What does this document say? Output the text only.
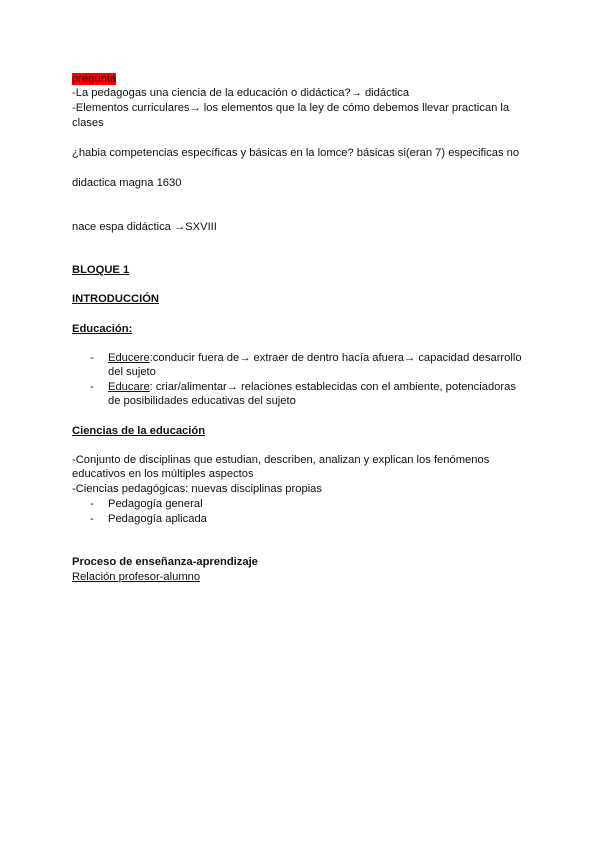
pregunta
-La pedagogas una ciencia de la educación o didáctica?→ didáctica
-Elementos curriculares→ los elementos que la ley de cómo debemos llevar practican la
clases
¿habia competencias específicas y básicas en la lomce? básicas si(eran 7) especificas no
didactica magna 1630
nace espa didáctica →SXVIII
BLOQUE 1
INTRODUCCIÓN
Educación:
- Educere:conducir fuera de→ extraer de dentro hacía afuera→ capacidad desarrollo
del sujeto
- Educare: criar/alimentar→ relaciones establecidas con el ambiente, potenciadoras
de posibilidades educativas del sujeto
Ciencias de la educación
-Conjunto de disciplinas que estudian, describen, analizan y explican los fenómenos
educativos en los múltiples aspectos
-Ciencias pedagógicas: nuevas disciplinas propias
- Pedagogía general
- Pedagogía aplicada
Proceso de enseñanza-aprendizaje
Relación profesor-alumno
